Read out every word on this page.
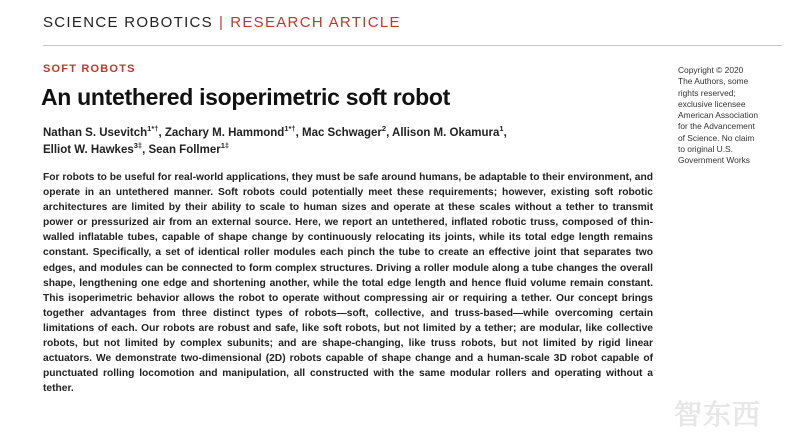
SCIENCE ROBOTICS | RESEARCH ARTICLE
SOFT ROBOTS
An untethered isoperimetric soft robot
Nathan S. Usevitch$^{1*\dagger}$, Zachary M. Hammond$^{1*\dagger}$, Mac Schwager$^2$, Allison M. Okamura$^1$,
Elliot W. Hawkes$^{3\ddagger}$, Sean Follmer$^{1\ddagger}$

For robots to be useful for real-world applications, they must be safe around humans, be adaptable to their environment, and operate in an untethered manner. Soft robots could potentially meet these requirements; however, existing soft robotic architectures are limited by their ability to scale to human sizes and operate at these scales without a tether to transmit power or pressurized air from an external source. Here, we report an untethered, inflated robotic truss, composed of thin-walled inflatable tubes, capable of shape change by continuously relocating its joints, while its total edge length remains constant. Specifically, a set of identical roller modules each pinch the tube to create an effective joint that separates two edges, and modules can be connected to form complex structures. Driving a roller module along a tube changes the overall shape, lengthening one edge and shortening another, while the total edge length and hence fluid volume remain constant. This isoperimetric behavior allows the robot to operate without compressing air or requiring a tether. Our concept brings together advantages from three distinct types of robots—soft, collective, and truss-based—while overcoming certain limitations of each. Our robots are robust and safe, like soft robots, but not limited by a tether; are modular, like collective robots, but not limited by complex subunits; and are shape-changing, like truss robots, but not limited by rigid linear actuators. We demonstrate two-dimensional (2D) robots capable of shape change and a human-scale 3D robot capable of punctuated rolling locomotion and manipulation, all constructed with the same modular rollers and operating without a tether.

Copyright © 2020
The Authors, some
rights reserved;
exclusive licensee
American Association
for the Advancement
of Science. No claim
to original U.S.
Government Works
智东西
